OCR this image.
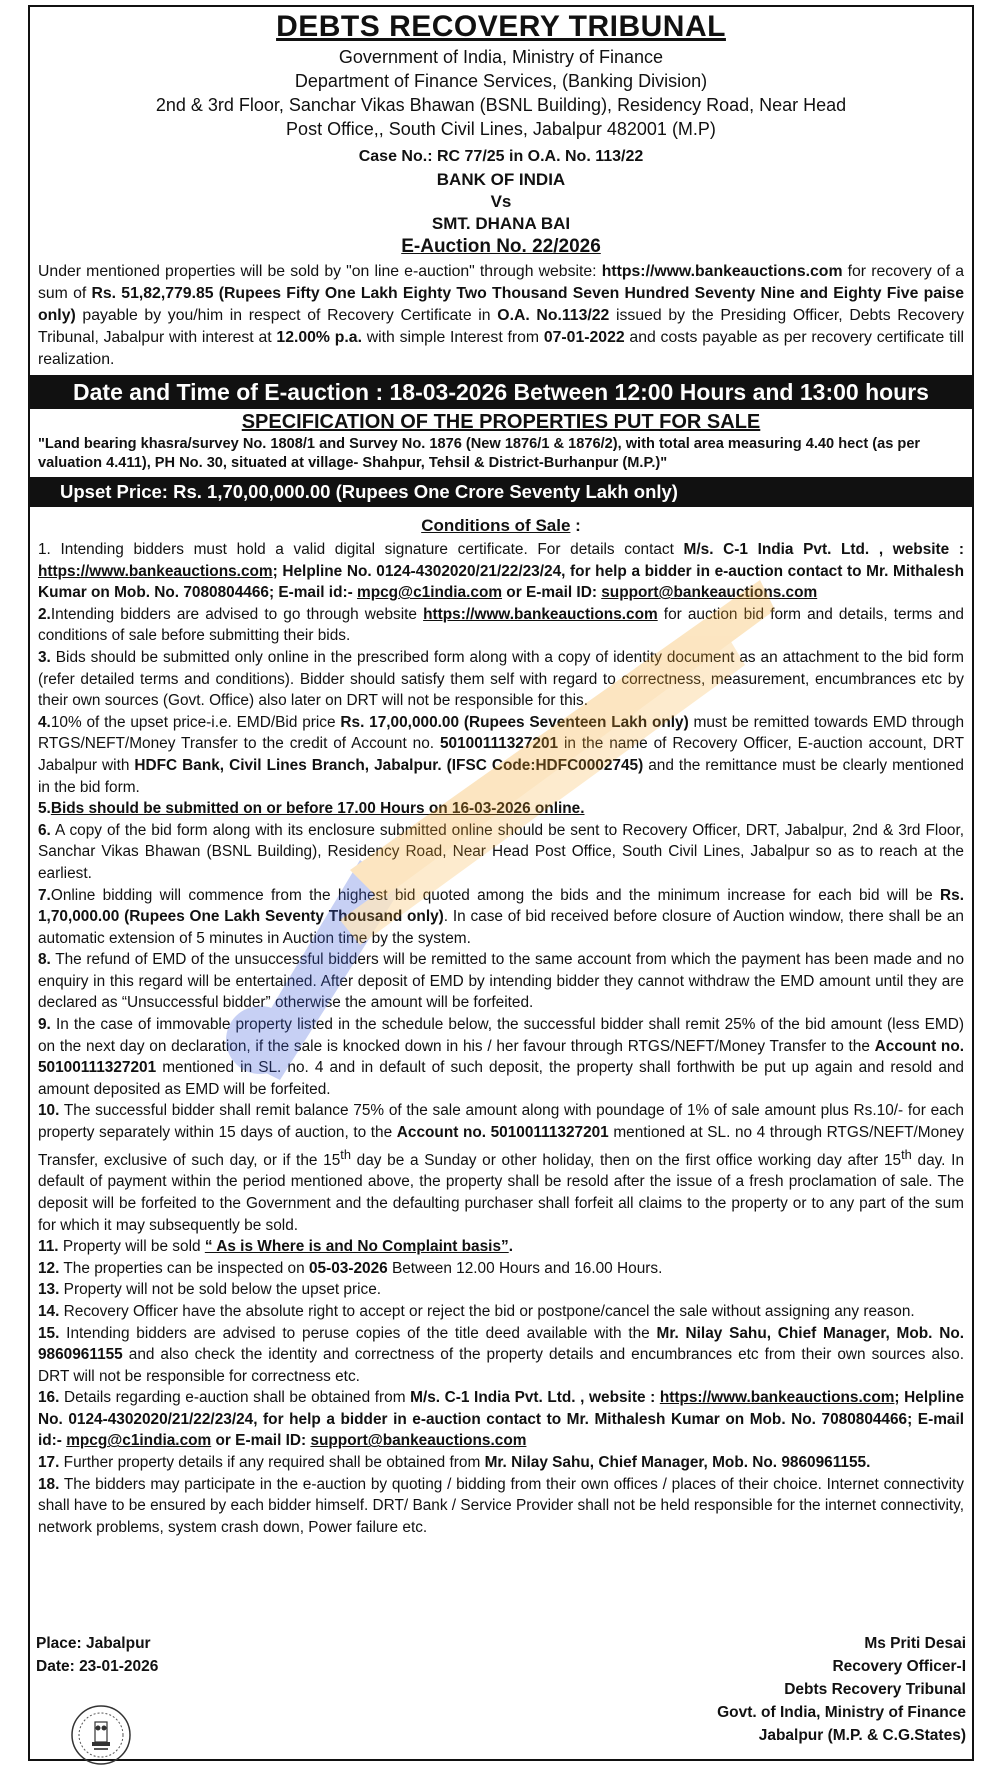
DEBTS RECOVERY TRIBUNAL
Government of India, Ministry of Finance
Department of Finance Services, (Banking Division)
2nd & 3rd Floor, Sanchar Vikas Bhawan (BSNL Building), Residency Road, Near Head
Post Office,, South Civil Lines, Jabalpur 482001 (M.P)
Case No.: RC 77/25 in O.A. No. 113/22
BANK OF INDIA
Vs
SMT. DHANA BAI
E-Auction No. 22/2026

Under mentioned properties will be sold by "on line e-auction" through website: https://www.bankeauctions.com for recovery of a sum of Rs. 51,82,779.85 (Rupees Fifty One Lakh Eighty Two Thousand Seven Hundred Seventy Nine and Eighty Five paise only) payable by you/him in respect of Recovery Certificate in O.A. No.113/22 issued by the Presiding Officer, Debts Recovery Tribunal, Jabalpur with interest at 12.00% p.a. with simple Interest from 07-01-2022 and costs payable as per recovery certificate till realization.

Date and Time of E-auction : 18-03-2026 Between 12:00 Hours and 13:00 hours
SPECIFICATION OF THE PROPERTIES PUT FOR SALE
"Land bearing khasra/survey No. 1808/1 and Survey No. 1876 (New 1876/1 & 1876/2), with total area measuring 4.40 hect (as per valuation 4.411), PH No. 30, situated at village- Shahpur, Tehsil & District-Burhanpur (M.P.)"
Upset Price: Rs. 1,70,00,000.00 (Rupees One Crore Seventy Lakh only)
Conditions of Sale :

1. Intending bidders must hold a valid digital signature certificate. For details contact M/s. C-1 India Pvt. Ltd. , website : https://www.bankeauctions.com; Helpline No. 0124-4302020/21/22/23/24, for help a bidder in e-auction contact to Mr. Mithalesh Kumar on Mob. No. 7080804466; E-mail id:- mpcg@c1india.com or E-mail ID: support@bankeauctions.com

2.Intending bidders are advised to go through website https://www.bankeauctions.com for auction bid form and details, terms and conditions of sale before submitting their bids.

3. Bids should be submitted only online in the prescribed form along with a copy of identity document as an attachment to the bid form (refer detailed terms and conditions). Bidder should satisfy them self with regard to correctness, measurement, encumbrances etc by their own sources (Govt. Office) also later on DRT will not be responsible for this.

4.10% of the upset price-i.e. EMD/Bid price Rs. 17,00,000.00 (Rupees Seventeen Lakh only) must be remitted towards EMD through RTGS/NEFT/Money Transfer to the credit of Account no. 50100111327201 in the name of Recovery Officer, E-auction account, DRT Jabalpur with HDFC Bank, Civil Lines Branch, Jabalpur. (IFSC Code:HDFC0002745) and the remittance must be clearly mentioned in the bid form.

5.Bids should be submitted on or before 17.00 Hours on 16-03-2026 online.

6. A copy of the bid form along with its enclosure submitted online should be sent to Recovery Officer, DRT, Jabalpur, 2nd & 3rd Floor, Sanchar Vikas Bhawan (BSNL Building), Residency Road, Near Head Post Office, South Civil Lines, Jabalpur so as to reach at the earliest.

7.Online bidding will commence from the highest bid quoted among the bids and the minimum increase for each bid will be Rs. 1,70,000.00 (Rupees One Lakh Seventy Thousand only). In case of bid received before closure of Auction window, there shall be an automatic extension of 5 minutes in Auction time by the system.

8. The refund of EMD of the unsuccessful bidders will be remitted to the same account from which the payment has been made and no enquiry in this regard will be entertained. After deposit of EMD by intending bidder they cannot withdraw the EMD amount until they are declared as “Unsuccessful bidder” otherwise the amount will be forfeited.

9. In the case of immovable property listed in the schedule below, the successful bidder shall remit 25% of the bid amount (less EMD) on the next day on declaration, if the sale is knocked down in his / her favour through RTGS/NEFT/Money Transfer to the Account no. 50100111327201 mentioned in SL. no. 4 and in default of such deposit, the property shall forthwith be put up again and resold and amount deposited as EMD will be forfeited.

10. The successful bidder shall remit balance 75% of the sale amount along with poundage of 1% of sale amount plus Rs.10/- for each property separately within 15 days of auction, to the Account no. 50100111327201 mentioned at SL. no 4 through RTGS/NEFT/Money Transfer, exclusive of such day, or if the 15th day be a Sunday or other holiday, then on the first office working day after 15th day. In default of payment within the period mentioned above, the property shall be resold after the issue of a fresh proclamation of sale. The deposit will be forfeited to the Government and the defaulting purchaser shall forfeit all claims to the property or to any part of the sum for which it may subsequently be sold.

11. Property will be sold “ As is Where is and No Complaint basis”.

12. The properties can be inspected on 05-03-2026 Between 12.00 Hours and 16.00 Hours.

13. Property will not be sold below the upset price.

14. Recovery Officer have the absolute right to accept or reject the bid or postpone/cancel the sale without assigning any reason.

15. Intending bidders are advised to peruse copies of the title deed available with the Mr. Nilay Sahu, Chief Manager, Mob. No. 9860961155 and also check the identity and correctness of the property details and encumbrances etc from their own sources also. DRT will not be responsible for correctness etc.

16. Details regarding e-auction shall be obtained from M/s. C-1 India Pvt. Ltd. , website : https://www.bankeauctions.com; Helpline No. 0124-4302020/21/22/23/24, for help a bidder in e-auction contact to Mr. Mithalesh Kumar on Mob. No. 7080804466; E-mail id:- mpcg@c1india.com or E-mail ID: support@bankeauctions.com

17. Further property details if any required shall be obtained from Mr. Nilay Sahu, Chief Manager, Mob. No. 9860961155.

18. The bidders may participate in the e-auction by quoting / bidding from their own offices / places of their choice. Internet connectivity shall have to be ensured by each bidder himself. DRT/ Bank / Service Provider shall not be held responsible for the internet connectivity, network problems, system crash down, Power failure etc.

Place: Jabalpur
Date: 23-01-2026
Ms Priti Desai
Recovery Officer-I
Debts Recovery Tribunal
Govt. of India, Ministry of Finance
Jabalpur (M.P. & C.G.States)
